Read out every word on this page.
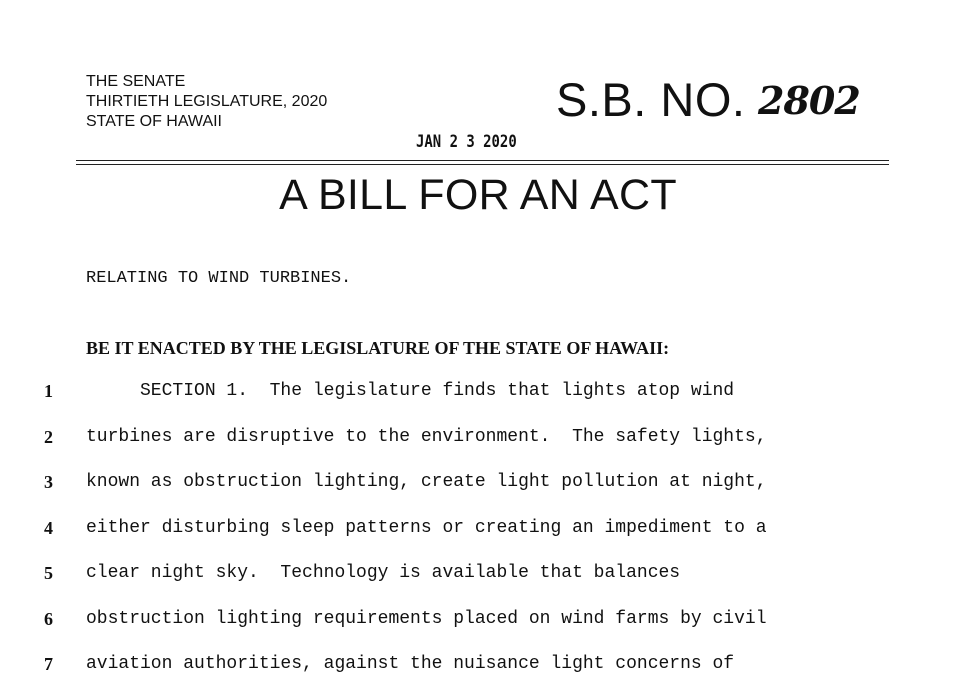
THE SENATE
THIRTIETH LEGISLATURE, 2020
STATE OF HAWAII	S.B. NO. 2802
JAN 2 3 2020
A BILL FOR AN ACT
RELATING TO WIND TURBINES.
BE IT ENACTED BY THE LEGISLATURE OF THE STATE OF HAWAII:
1 SECTION 1.  The legislature finds that lights atop wind
2 turbines are disruptive to the environment.  The safety lights,
3 known as obstruction lighting, create light pollution at night,
4 either disturbing sleep patterns or creating an impediment to a
5 clear night sky.  Technology is available that balances
6 obstruction lighting requirements placed on wind farms by civil
7 aviation authorities, against the nuisance light concerns of
